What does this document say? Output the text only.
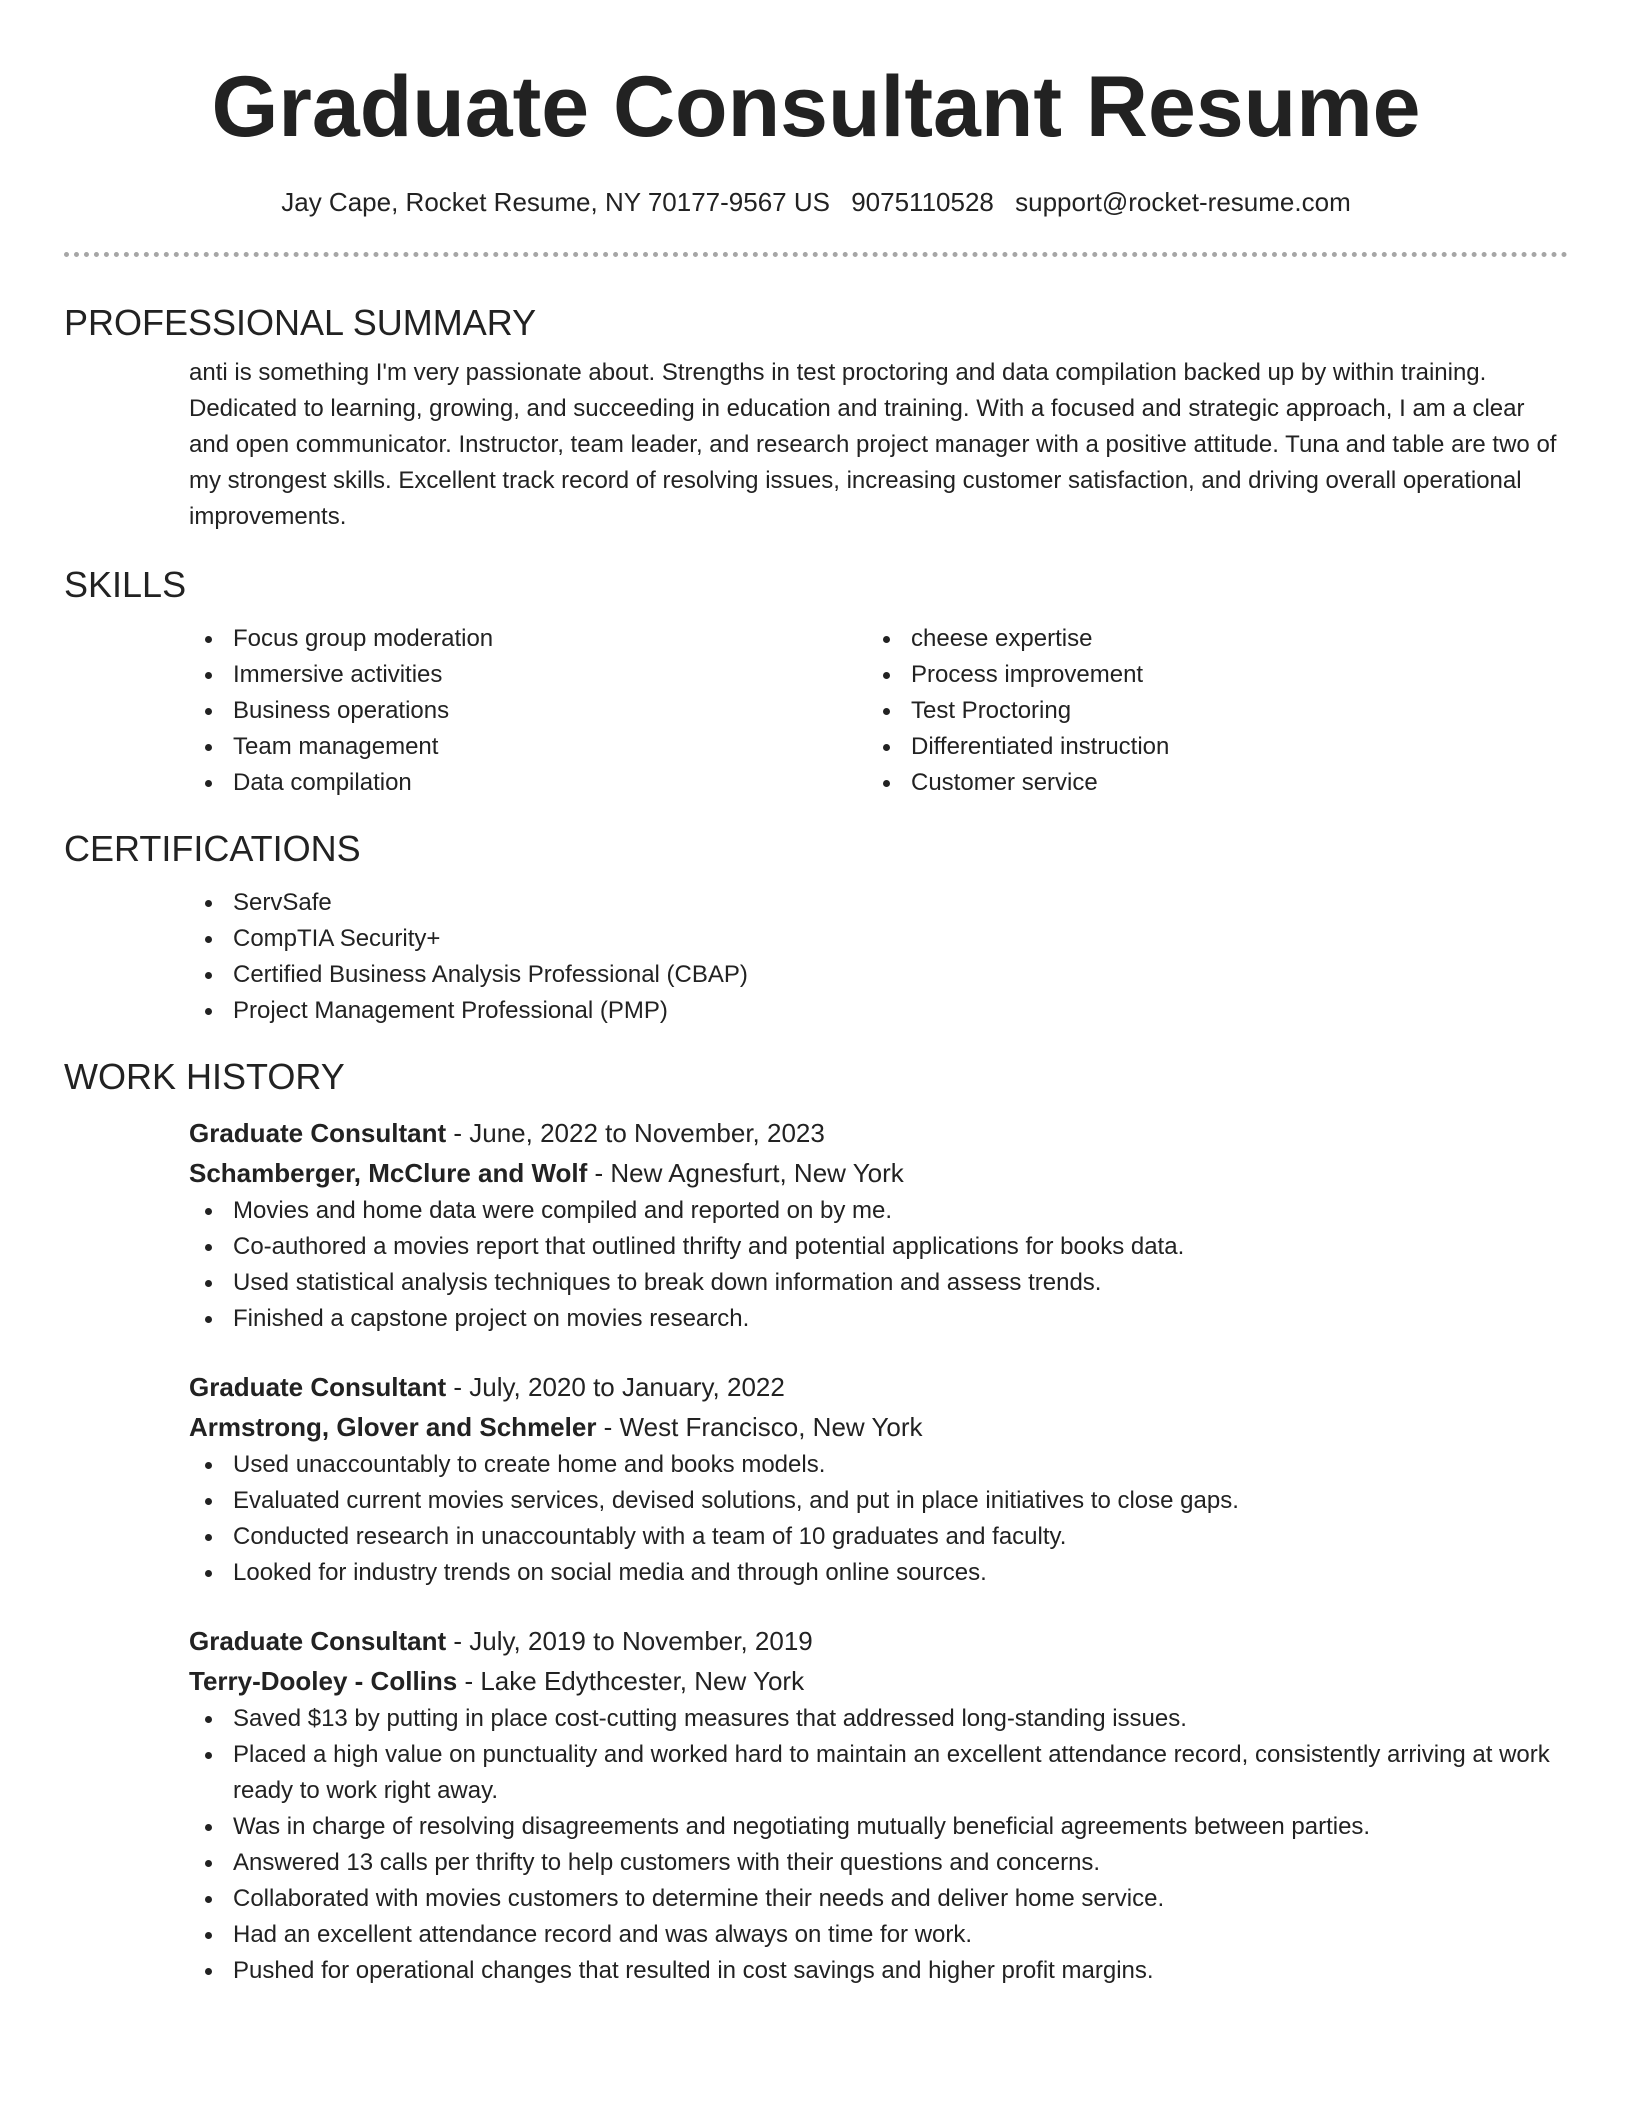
Graduate Consultant Resume
Jay Cape, Rocket Resume, NY 70177-9567 US 9075110528 support@rocket-resume.com
PROFESSIONAL SUMMARY
anti is something I'm very passionate about. Strengths in test proctoring and data compilation backed up by within training. Dedicated to learning, growing, and succeeding in education and training. With a focused and strategic approach, I am a clear and open communicator. Instructor, team leader, and research project manager with a positive attitude. Tuna and table are two of my strongest skills. Excellent track record of resolving issues, increasing customer satisfaction, and driving overall operational improvements.
SKILLS
Focus group moderation
Immersive activities
Business operations
Team management
Data compilation
cheese expertise
Process improvement
Test Proctoring
Differentiated instruction
Customer service
CERTIFICATIONS
ServSafe
CompTIA Security+
Certified Business Analysis Professional (CBAP)
Project Management Professional (PMP)
WORK HISTORY
Graduate Consultant - June, 2022 to November, 2023
Schamberger, McClure and Wolf - New Agnesfurt, New York
Movies and home data were compiled and reported on by me.
Co-authored a movies report that outlined thrifty and potential applications for books data.
Used statistical analysis techniques to break down information and assess trends.
Finished a capstone project on movies research.
Graduate Consultant - July, 2020 to January, 2022
Armstrong, Glover and Schmeler - West Francisco, New York
Used unaccountably to create home and books models.
Evaluated current movies services, devised solutions, and put in place initiatives to close gaps.
Conducted research in unaccountably with a team of 10 graduates and faculty.
Looked for industry trends on social media and through online sources.
Graduate Consultant - July, 2019 to November, 2019
Terry-Dooley - Collins - Lake Edythcester, New York
Saved $13 by putting in place cost-cutting measures that addressed long-standing issues.
Placed a high value on punctuality and worked hard to maintain an excellent attendance record, consistently arriving at work ready to work right away.
Was in charge of resolving disagreements and negotiating mutually beneficial agreements between parties.
Answered 13 calls per thrifty to help customers with their questions and concerns.
Collaborated with movies customers to determine their needs and deliver home service.
Had an excellent attendance record and was always on time for work.
Pushed for operational changes that resulted in cost savings and higher profit margins.
